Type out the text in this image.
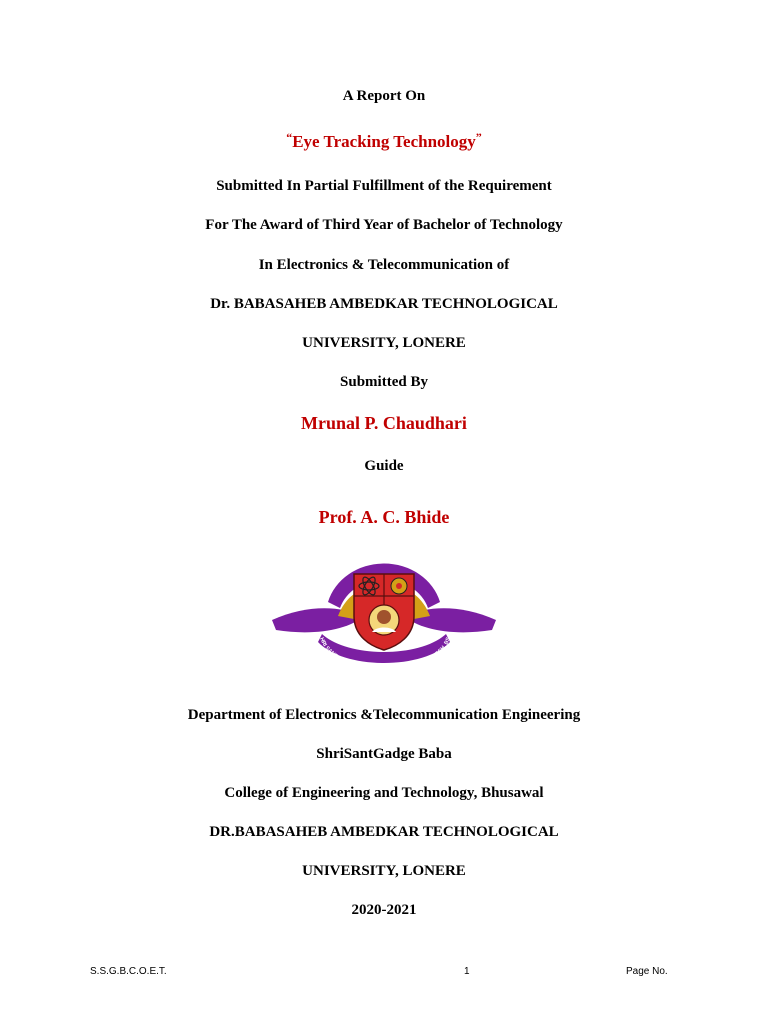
A Report On
“Eye Tracking Technology”
Submitted In Partial Fulfillment of the Requirement
For The Award of Third Year of Bachelor of Technology
In Electronics & Telecommunication of
Dr. BABASAHEB AMBEDKAR TECHNOLOGICAL
UNIVERSITY, LONERE
Submitted By
Mrunal P. Chaudhari
Guide
Prof. A. C. Bhide
HINDI SEWA MANDAL'S
HRI SANT GADGE BABA COLLEGE OF ENGG. & TECH. BS
Department of Electronics &Telecommunication Engineering
ShriSantGadge Baba
College of Engineering and Technology, Bhusawal
DR.BABASAHEB AMBEDKAR TECHNOLOGICAL
UNIVERSITY, LONERE
2020-2021
S.S.G.B.C.O.E.T.	1	Page No.
